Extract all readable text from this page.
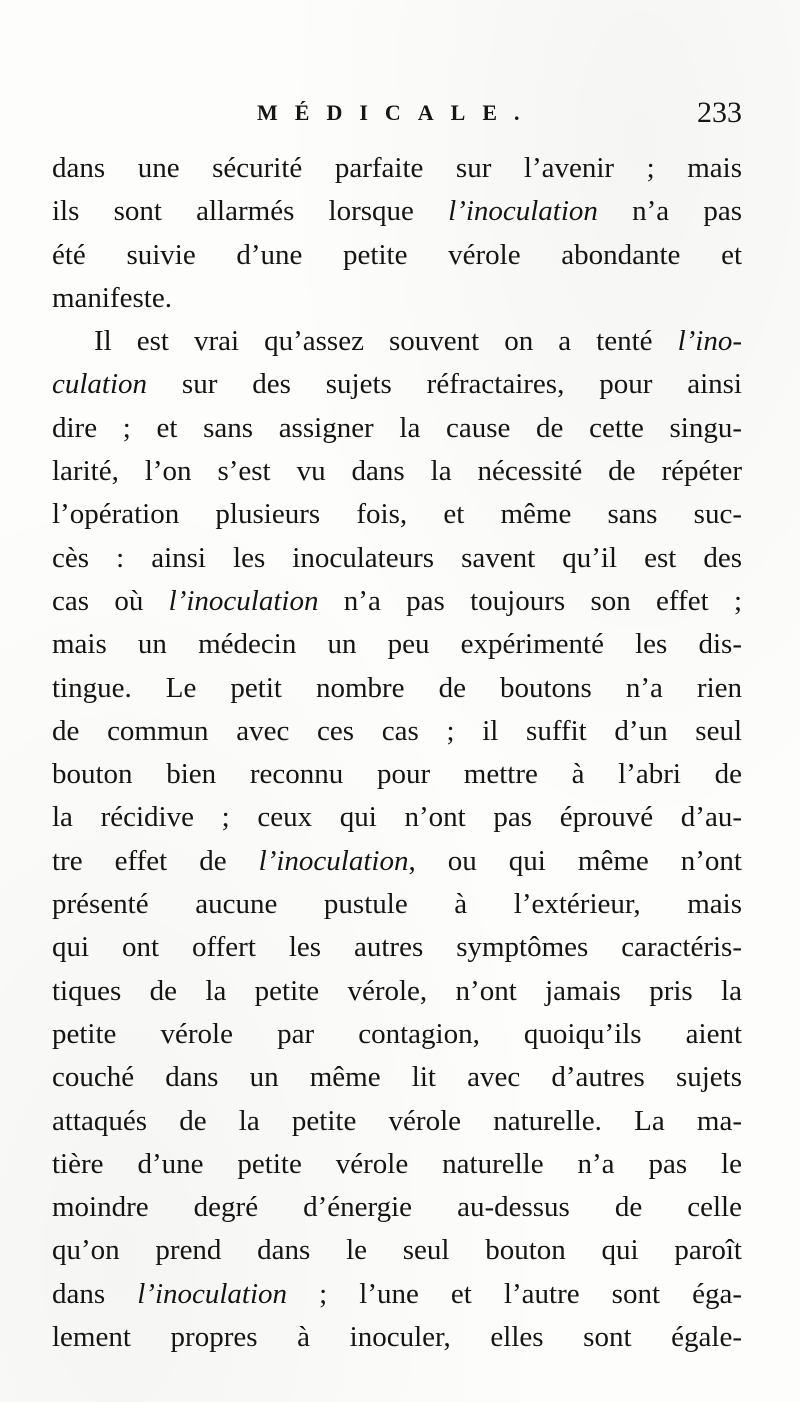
MÉDICALE.	233
dans une sécurité parfaite sur l’avenir ; mais
ils sont allarmés lorsque l’inoculation n’a pas
été suivie d’une petite vérole abondante et
manifeste.
Il est vrai qu’assez souvent on a tenté l’ino-
culation sur des sujets réfractaires, pour ainsi
dire ; et sans assigner la cause de cette singu-
larité, l’on s’est vu dans la nécessité de répéter
l’opération plusieurs fois, et même sans suc-
cès : ainsi les inoculateurs savent qu’il est des
cas où l’inoculation n’a pas toujours son effet ;
mais un médecin un peu expérimenté les dis-
tingue. Le petit nombre de boutons n’a rien
de commun avec ces cas ; il suffit d’un seul
bouton bien reconnu pour mettre à l’abri de
la récidive ; ceux qui n’ont pas éprouvé d’au-
tre effet de l’inoculation, ou qui même n’ont
présenté aucune pustule à l’extérieur, mais
qui ont offert les autres symptômes caractéris-
tiques de la petite vérole, n’ont jamais pris la
petite vérole par contagion, quoiqu’ils aient
couché dans un même lit avec d’autres sujets
attaqués de la petite vérole naturelle. La ma-
tière d’une petite vérole naturelle n’a pas le
moindre degré d’énergie au-dessus de celle
qu’on prend dans le seul bouton qui paroît
dans l’inoculation ; l’une et l’autre sont éga-
lement propres à inoculer, elles sont égale-
